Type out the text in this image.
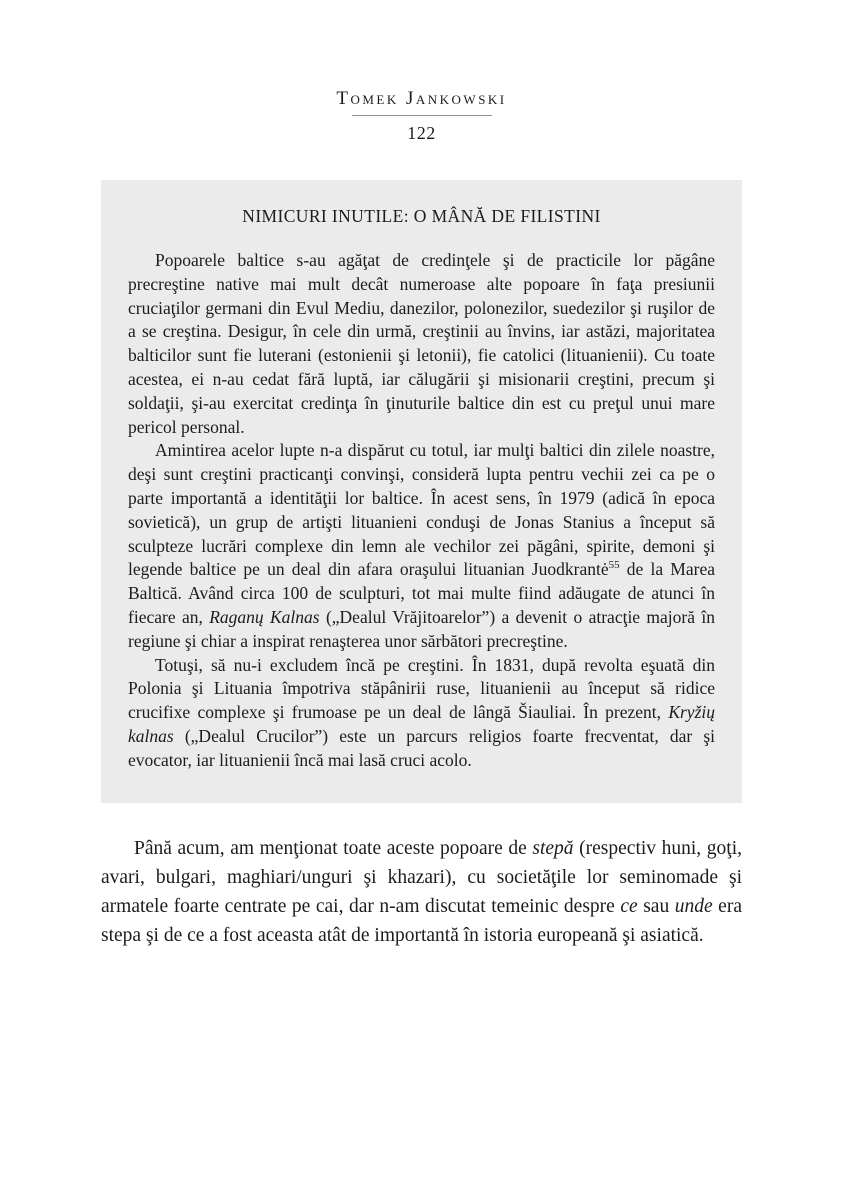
Tomek Jankowski
122
NIMICURI INUTILE: O MÂNĂ DE FILISTINI

Popoarele baltice s-au agăţat de credinţele şi de practicile lor păgâne precreştine native mai mult decât numeroase alte popoare în faţa presiunii cruciaţilor germani din Evul Mediu, danezilor, polonezilor, suedezilor şi ruşilor de a se creştina. Desigur, în cele din urmă, creştinii au învins, iar astăzi, majoritatea balticilor sunt fie luterani (estonienii şi letonii), fie catolici (lituanienii). Cu toate acestea, ei n-au cedat fără luptă, iar călugării şi misionarii creştini, precum şi soldaţii, şi-au exercitat credinţa în ţinuturile baltice din est cu preţul unui mare pericol personal.

Amintirea acelor lupte n-a dispărut cu totul, iar mulţi baltici din zilele noastre, deşi sunt creştini practicanţi convinşi, consideră lupta pentru vechii zei ca pe o parte importantă a identităţii lor baltice. În acest sens, în 1979 (adică în epoca sovietică), un grup de artişti lituanieni conduşi de Jonas Stanius a început să sculpteze lucrări complexe din lemn ale vechilor zei păgâni, spirite, demoni şi legende baltice pe un deal din afara oraşului lituanian Juodkrantė$^{55}$ de la Marea Baltică. Având circa 100 de sculpturi, tot mai multe fiind adăugate de atunci în fiecare an, Raganų Kalnas („Dealul Vrăjitoarelor”) a devenit o atracţie majoră în regiune şi chiar a inspirat renaşterea unor sărbători precreştine.

Totuşi, să nu-i excludem încă pe creştini. În 1831, după revolta eşuată din Polonia şi Lituania împotriva stăpânirii ruse, lituanienii au început să ridice crucifixe complexe şi frumoase pe un deal de lângă Šiauliai. În prezent, Kryžių kalnas („Dealul Crucilor”) este un parcurs religios foarte frecventat, dar şi evocator, iar lituanienii încă mai lasă cruci acolo.

Până acum, am menţionat toate aceste popoare de stepă (respectiv huni, goţi, avari, bulgari, maghiari/unguri şi khazari), cu societăţile lor seminomade şi armatele foarte centrate pe cai, dar n-am discutat temeinic despre ce sau unde era stepa şi de ce a fost aceasta atât de importantă în istoria europeană şi asiatică.
